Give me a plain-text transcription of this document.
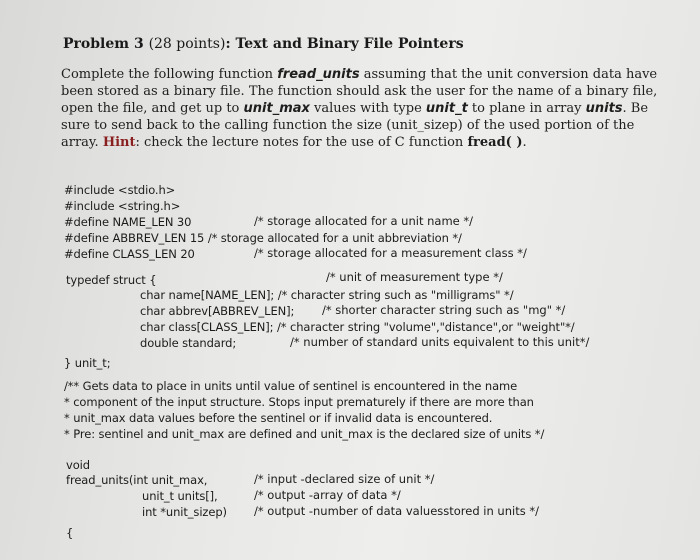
Problem 3 (28 points): Text and Binary File Pointers
Complete the following function fread_units assuming that the unit conversion data have
been stored as a binary file. The function should ask the user for the name of a binary file,
open the file, and get up to unit_max values with type unit_t to plane in array units. Be
sure to send back to the calling function the size (unit_sizep) of the used portion of the
array. Hint: check the lecture notes for the use of C function fread( ).
#include <stdio.h>
#include <string.h>
#define NAME_LEN 30	/* storage allocated for a unit name */
#define ABBREV_LEN 15 /* storage allocated for a unit abbreviation */
#define CLASS_LEN 20	/* storage allocated for a measurement class */
typedef struct {	/* unit of measurement type */
char name[NAME_LEN]; /* character string such as "milligrams" */
char abbrev[ABBREV_LEN]; /* shorter character string such as "mg" */
char class[CLASS_LEN]; /* character string "volume","distance",or "weight"*/
double standard;	/* number of standard units equivalent to this unit*/
} unit_t;
/** Gets data to place in units until value of sentinel is encountered in the name
* component of the input structure. Stops input prematurely if there are more than
* unit_max data values before the sentinel or if invalid data is encountered.
* Pre: sentinel and unit_max are defined and unit_max is the declared size of units */
void
fread_units(int unit_max,	/* input -declared size of unit */
unit_t units[],	/* output -array of data */
int *unit_sizep) /* output -number of data valuesstored in units */
{
